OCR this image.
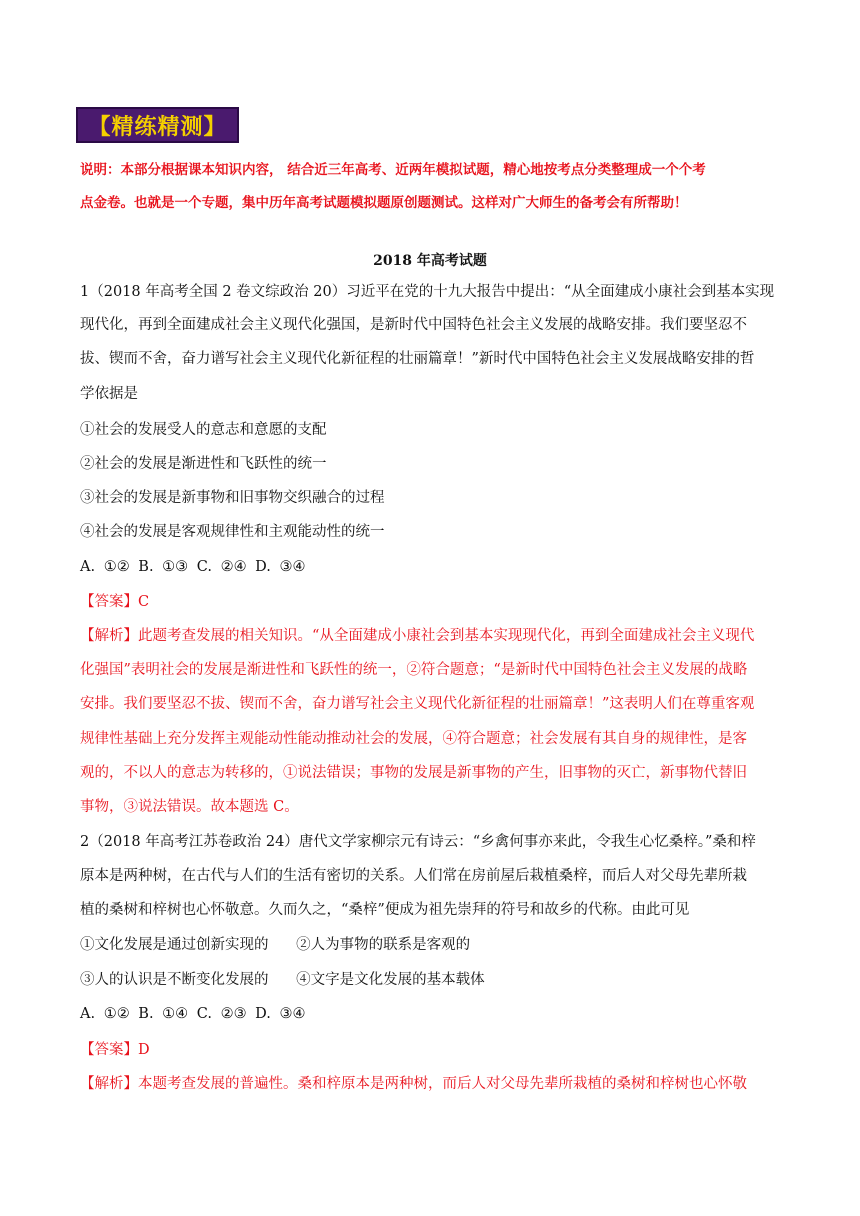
【精练精测】
说明：本部分根据课本知识内容， 结合近三年高考、近两年模拟试题，精心地按考点分类整理成一个个考
点金卷。也就是一个专题，集中历年高考试题模拟题原创题测试。这样对广大师生的备考会有所帮助！
2018 年高考试题
1（2018 年高考全国 2 卷文综政治 20）习近平在党的十九大报告中提出：“从全面建成小康社会到基本实现
现代化，再到全面建成社会主义现代化强国，是新时代中国特色社会主义发展的战略安排。我们要坚忍不
拔、锲而不舍，奋力谱写社会主义现代化新征程的壮丽篇章！”新时代中国特色社会主义发展战略安排的哲
学依据是
①社会的发展受人的意志和意愿的支配
②社会的发展是渐进性和飞跃性的统一
③社会的发展是新事物和旧事物交织融合的过程
④社会的发展是客观规律性和主观能动性的统一
A. ①② B. ①③ C. ②④ D. ③④
【答案】C
【解析】此题考查发展的相关知识。“从全面建成小康社会到基本实现现代化，再到全面建成社会主义现代
化强国”表明社会的发展是渐进性和飞跃性的统一，②符合题意；“是新时代中国特色社会主义发展的战略
安排。我们要坚忍不拔、锲而不舍，奋力谱写社会主义现代化新征程的壮丽篇章！”这表明人们在尊重客观
规律性基础上充分发挥主观能动性能动推动社会的发展，④符合题意；社会发展有其自身的规律性，是客
观的，不以人的意志为转移的，①说法错误；事物的发展是新事物的产生，旧事物的灭亡，新事物代替旧
事物，③说法错误。故本题选 C。
2（2018 年高考江苏卷政治 24）唐代文学家柳宗元有诗云：“乡禽何事亦来此，令我生心忆桑梓。”桑和梓
原本是两种树，在古代与人们的生活有密切的关系。人们常在房前屋后栽植桑梓，而后人对父母先辈所栽
植的桑树和梓树也心怀敬意。久而久之，“桑梓”便成为祖先崇拜的符号和故乡的代称。由此可见
①文化发展是通过创新实现的      ②人为事物的联系是客观的
③人的认识是不断变化发展的      ④文字是文化发展的基本载体
A. ①② B. ①④ C. ②③ D. ③④
【答案】D
【解析】本题考查发展的普遍性。桑和梓原本是两种树，而后人对父母先辈所栽植的桑树和梓树也心怀敬
